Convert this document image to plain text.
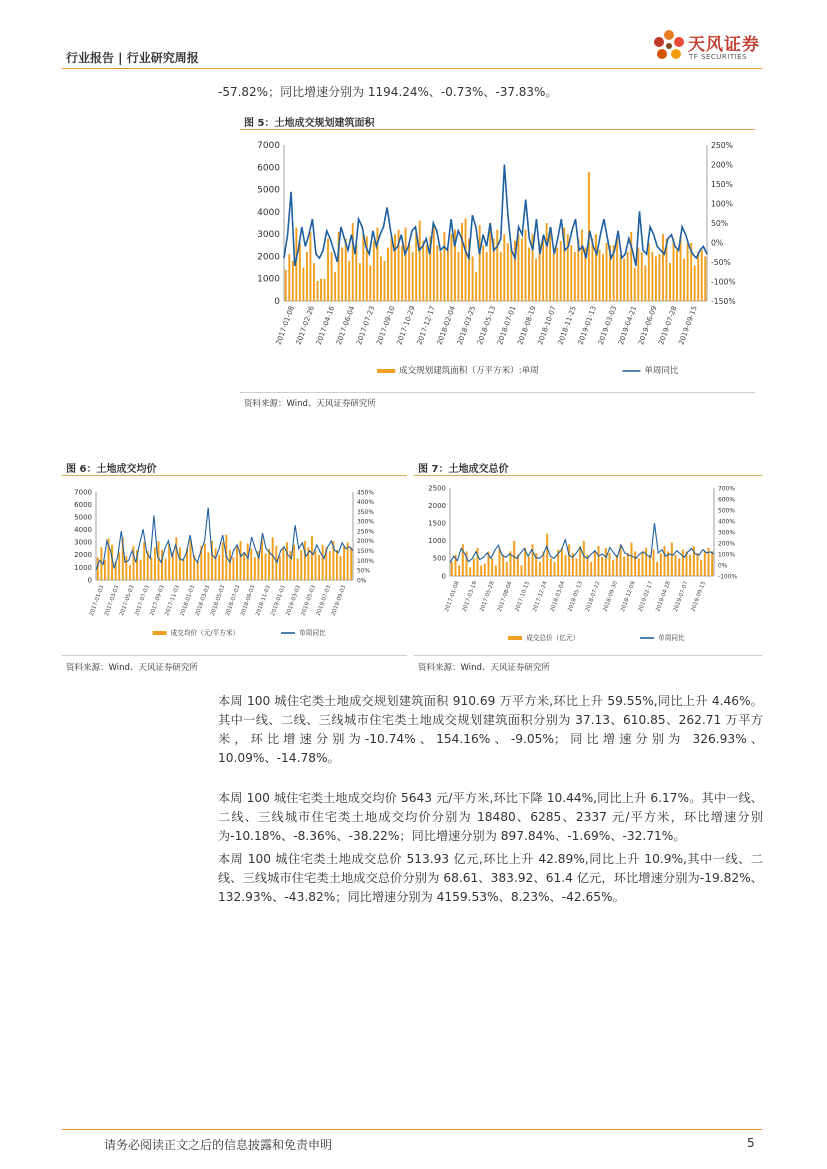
行业报告 | 行业研究周报
天风证券
TF SECURITIES
-57.82%；同比增速分别为 1194.24%、-0.73%、-37.83%。
图 5：土地成交规划建筑面积
0
1000
2000
3000
4000
5000
6000
7000
-150%
-100%
-50%
0%
50%
100%
150%
200%
250%
2017-01-08
2017-02-26
2017-04-16
2017-06-04
2017-07-23
2017-09-10
2017-10-29
2017-12-17
2018-02-04
2018-03-25
2018-05-13
2018-07-01
2018-08-19
2018-10-07
2018-11-25
2019-01-13
2019-03-03
2019-04-21
2019-06-09
2019-07-28
2019-09-15
成交规划建筑面积（万平方米）:单周	单周同比
资料来源：Wind、天风证券研究所
图 6：土地成交均价
0
1000
2000
3000
4000
5000
6000
7000
0%
50%
100%
150%
200%
250%
300%
350%
400%
450%
2017-01-03
2017-03-03
2017-05-03
2017-07-03
2017-09-03
2017-11-03
2018-01-03
2018-03-03
2018-05-03
2018-07-03
2018-09-03
2018-11-03
2019-01-03
2019-03-03
2019-05-03
2019-07-03
2019-09-03
成交均价（元/平方米）	单周同比
资料来源：Wind、天风证券研究所
图 7：土地成交总价
0
500
1000
1500
2000
2500
-100%
0%
100%
200%
300%
400%
500%
600%
700%
2017-01-08 2017-03-19 2017-05-28 2017-08-06 2017-10-15 2017-12-24 2018-03-04 2018-05-13 2018-07-22 2018-09-30 2018-12-09 2019-02-17 2019-04-28 2019-07-07 2019-09-15
成交总价（亿元）	单周同比
资料来源：Wind、天风证券研究所
本周 100 城住宅类土地成交规划建筑面积 910.69 万平方米,环比上升 59.55%,同比上升 4.46%。其中一线、二线、三线城市住宅类土地成交规划建筑面积分别为 37.13、610.85、262.71 万平方米，环比增速分别为-10.74%、154.16%、-9.05%；同比增速分别为 326.93%、10.09%、-14.78%。
本周 100 城住宅类土地成交均价 5643 元/平方米,环比下降 10.44%,同比上升 6.17%。其中一线、二线、三线城市住宅类土地成交均价分别为 18480、6285、2337 元/平方米，环比增速分别为-10.18%、-8.36%、-38.22%；同比增速分别为 897.84%、-1.69%、-32.71%。
本周 100 城住宅类土地成交总价 513.93 亿元,环比上升 42.89%,同比上升 10.9%,其中一线、二线、三线城市住宅类土地成交总价分别为 68.61、383.92、61.4 亿元，环比增速分别为-19.82%、132.93%、-43.82%；同比增速分别为 4159.53%、8.23%、-42.65%。
请务必阅读正文之后的信息披露和免责申明	5
